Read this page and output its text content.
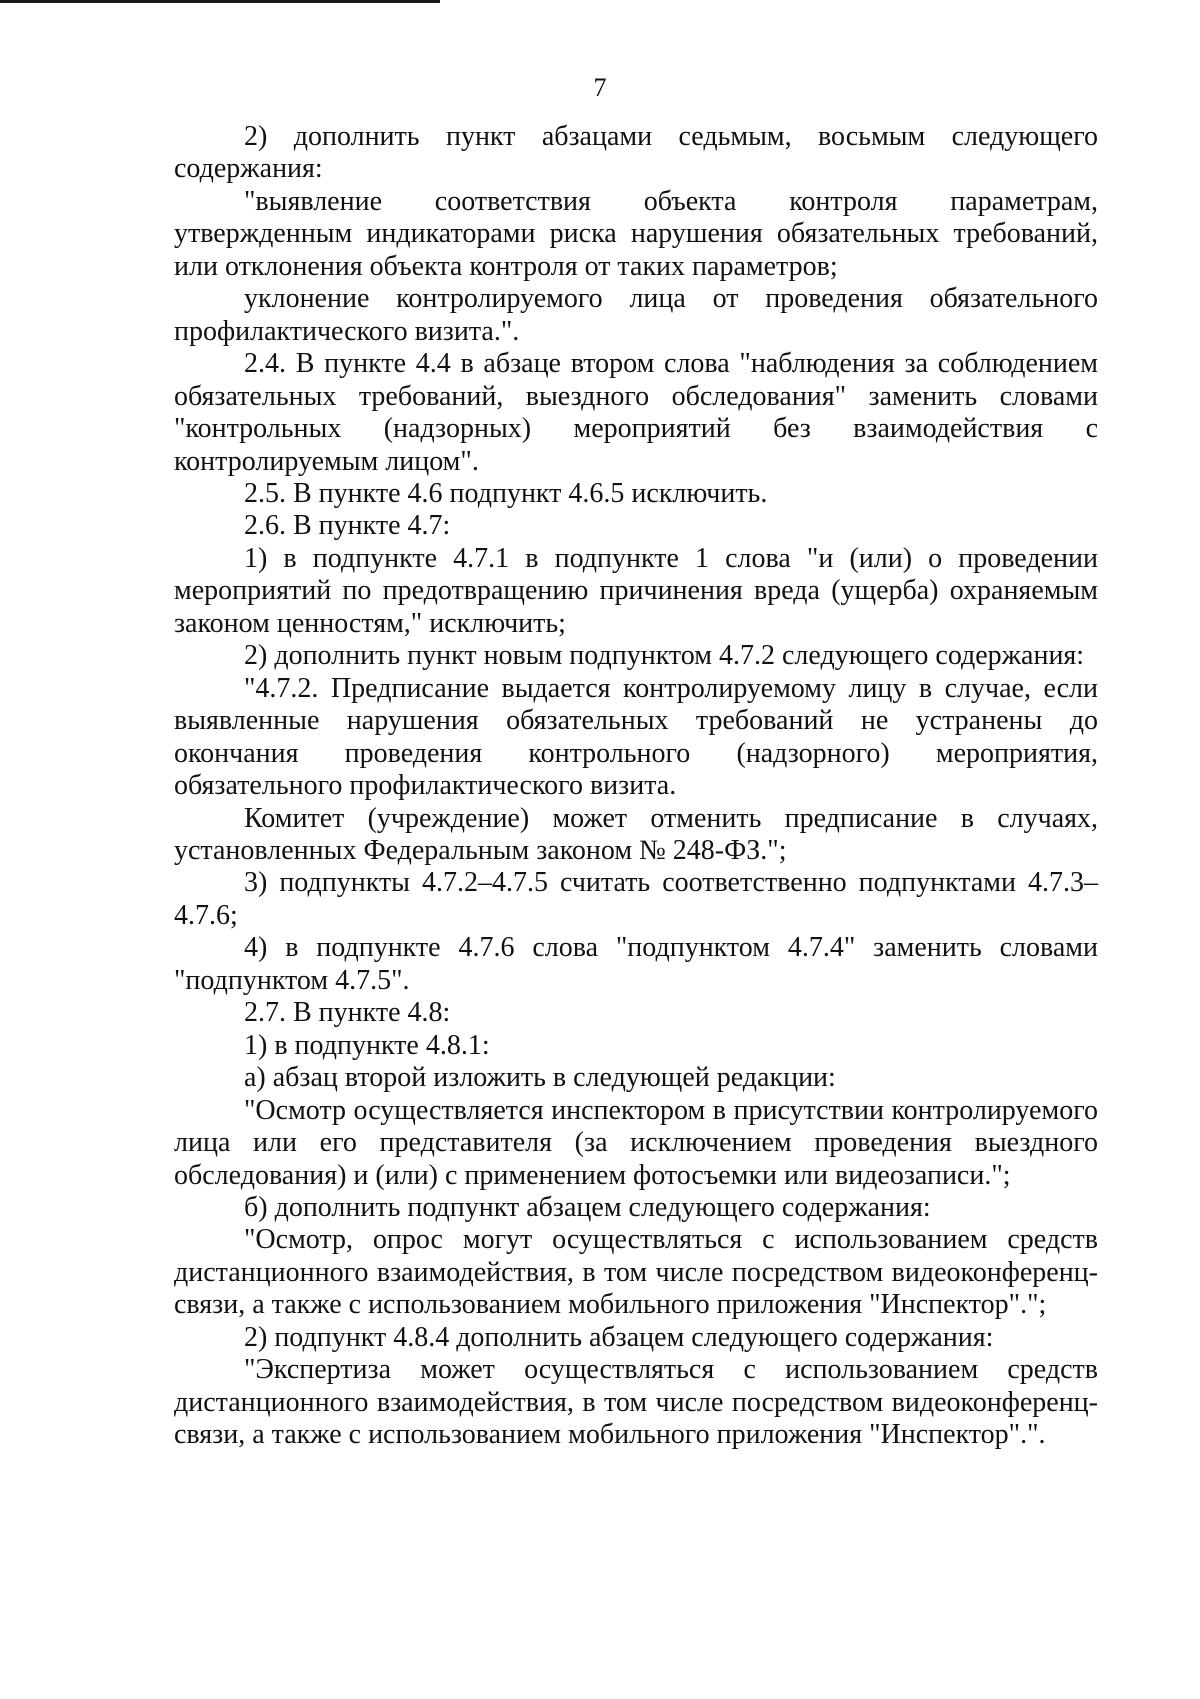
7

2) дополнить пункт абзацами седьмым, восьмым следующего содержания:

"выявление соответствия объекта контроля параметрам, утвержденным индикаторами риска нарушения обязательных требований, или отклонения объекта контроля от таких параметров;

уклонение контролируемого лица от проведения обязательного профилактического визита.".

2.4. В пункте 4.4 в абзаце втором слова "наблюдения за соблюдением обязательных требований, выездного обследования" заменить словами "контрольных (надзорных) мероприятий без взаимодействия с контролируемым лицом".

2.5. В пункте 4.6 подпункт 4.6.5 исключить.

2.6. В пункте 4.7:

1) в подпункте 4.7.1 в подпункте 1 слова "и (или) о проведении мероприятий по предотвращению причинения вреда (ущерба) охраняемым законом ценностям," исключить;

2) дополнить пункт новым подпунктом 4.7.2 следующего содержания:

"4.7.2. Предписание выдается контролируемому лицу в случае, если выявленные нарушения обязательных требований не устранены до окончания проведения контрольного (надзорного) мероприятия, обязательного профилактического визита.

Комитет (учреждение) может отменить предписание в случаях, установленных Федеральным законом № 248-ФЗ.";

3) подпункты 4.7.2–4.7.5 считать соответственно подпунктами 4.7.3–4.7.6;

4) в подпункте 4.7.6 слова "подпунктом 4.7.4" заменить словами "подпунктом 4.7.5".

2.7. В пункте 4.8:

1) в подпункте 4.8.1:

а) абзац второй изложить в следующей редакции:

"Осмотр осуществляется инспектором в присутствии контролируемого лица или его представителя (за исключением проведения выездного обследования) и (или) с применением фотосъемки или видеозаписи.";

б) дополнить подпункт абзацем следующего содержания:

"Осмотр, опрос могут осуществляться с использованием средств дистанционного взаимодействия, в том числе посредством видеоконференц-связи, а также с использованием мобильного приложения "Инспектор".";

2) подпункт 4.8.4 дополнить абзацем следующего содержания:

"Экспертиза может осуществляться с использованием средств дистанционного взаимодействия, в том числе посредством видеоконференц-связи, а также с использованием мобильного приложения "Инспектор".".
